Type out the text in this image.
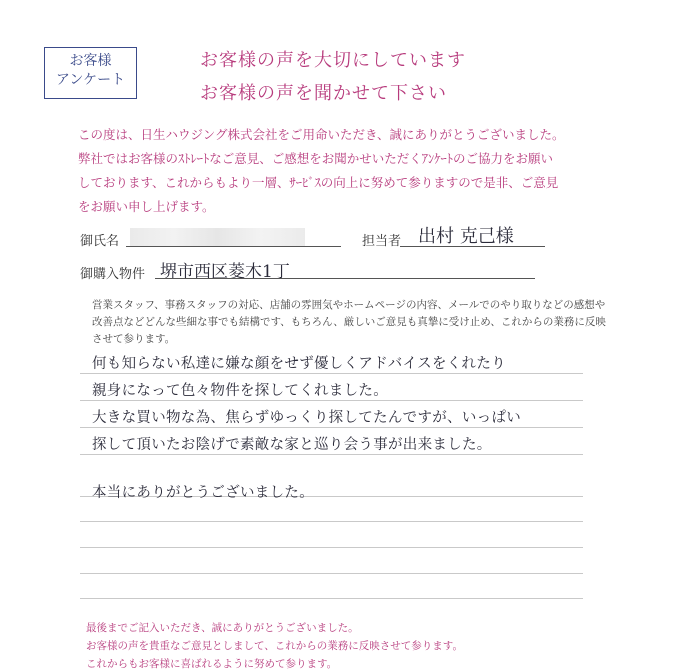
お客様
アンケート
お客様の声を大切にしています
お客様の声を聞かせて下さい
この度は、日生ハウジング株式会社をご用命いただき、誠にありがとうございました。
弊社ではお客様のｽﾄﾚｰﾄなご意見、ご感想をお聞かせいただくｱﾝｹｰﾄのご協力をお願い
しております、これからもより一層、ｻｰﾋﾞｽの向上に努めて参りますので是非、ご意見
をお願い申し上げます。
御氏名	担当者 出村 克己様
御購入物件 堺市西区菱木1丁
営業スタッフ、事務スタッフの対応、店舗の雰囲気やホームページの内容、メールでのやり取りなどの感想や
改善点などどんな些細な事でも結構です、もちろん、厳しいご意見も真摯に受け止め、これからの業務に反映
させて参ります。
何も知らない私達に嫌な顔をせず優しくアドバイスをくれたり
親身になって色々物件を探してくれました。
大きな買い物な為、焦らずゆっくり探してたんですが、いっぱい
探して頂いたお陰げで素敵な家と巡り会う事が出来ました。
本当にありがとうございました。
最後までご記入いただき、誠にありがとうございました。
お客様の声を貴重なご意見としまして、これからの業務に反映させて参ります。
これからもお客様に喜ばれるように努めて参ります。
